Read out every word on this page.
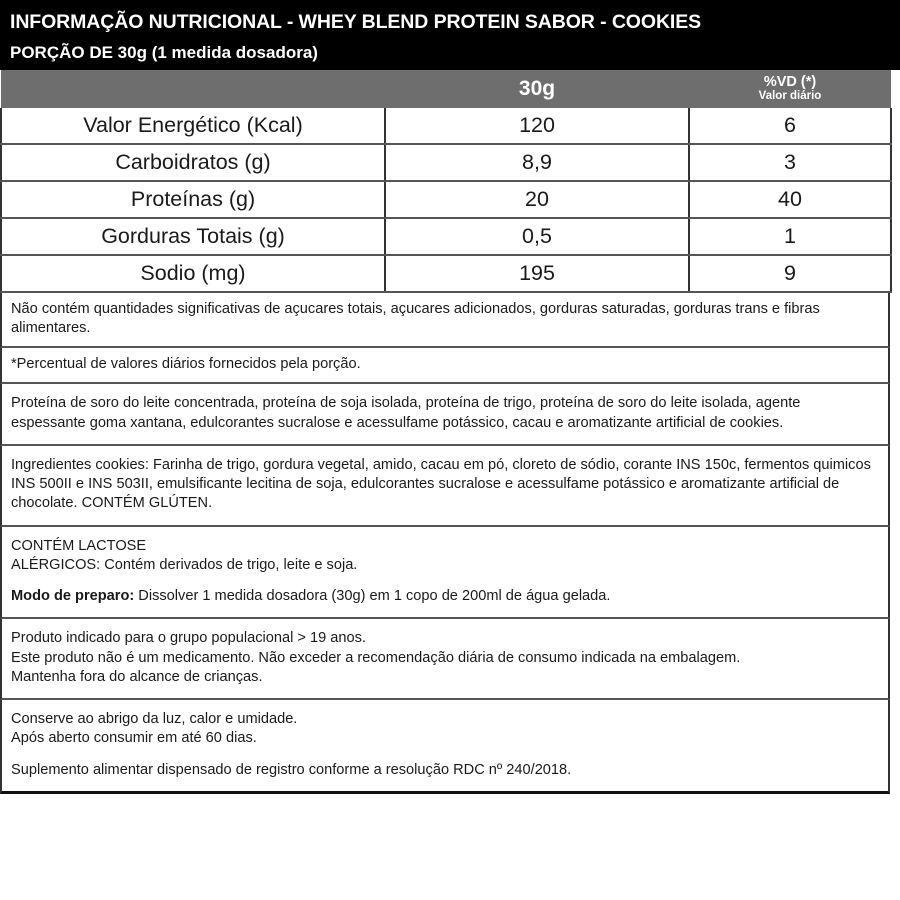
INFORMAÇÃO NUTRICIONAL - WHEY BLEND PROTEIN SABOR - COOKIES
PORÇÃO DE 30g (1 medida dosadora)
	30g	%VD (*)
Valor diário

Valor Energético (Kcal)	120	6
Carboidratos (g)	8,9	3
Proteínas (g)	20	40
Gorduras Totais (g)	0,5	1
Sodio (mg)	195	9

Não contém quantidades significativas de açucares totais, açucares adicionados, gorduras saturadas, gorduras trans e fibras alimentares.

*Percentual de valores diários fornecidos pela porção.

Proteína de soro do leite concentrada, proteína de soja isolada, proteína de trigo, proteína de soro do leite isolada, agente espessante goma xantana, edulcorantes sucralose e acessulfame potássico, cacau e aromatizante artificial de cookies.

Ingredientes cookies: Farinha de trigo, gordura vegetal, amido, cacau em pó, cloreto de sódio, corante INS 150c, fermentos quimicos INS 500II e INS 503II, emulsificante lecitina de soja, edulcorantes sucralose e acessulfame potássico e aromatizante artificial de chocolate. CONTÉM GLÚTEN.

CONTÉM LACTOSE

ALÉRGICOS: Contém derivados de trigo, leite e soja.

Modo de preparo: Dissolver 1 medida dosadora (30g) em 1 copo de 200ml de água gelada.

Produto indicado para o grupo populacional > 19 anos.

Este produto não é um medicamento. Não exceder a recomendação diária de consumo indicada na embalagem.

Mantenha fora do alcance de crianças.

Conserve ao abrigo da luz, calor e umidade.

Após aberto consumir em até 60 dias.

Suplemento alimentar dispensado de registro conforme a resolução RDC nº 240/2018.
